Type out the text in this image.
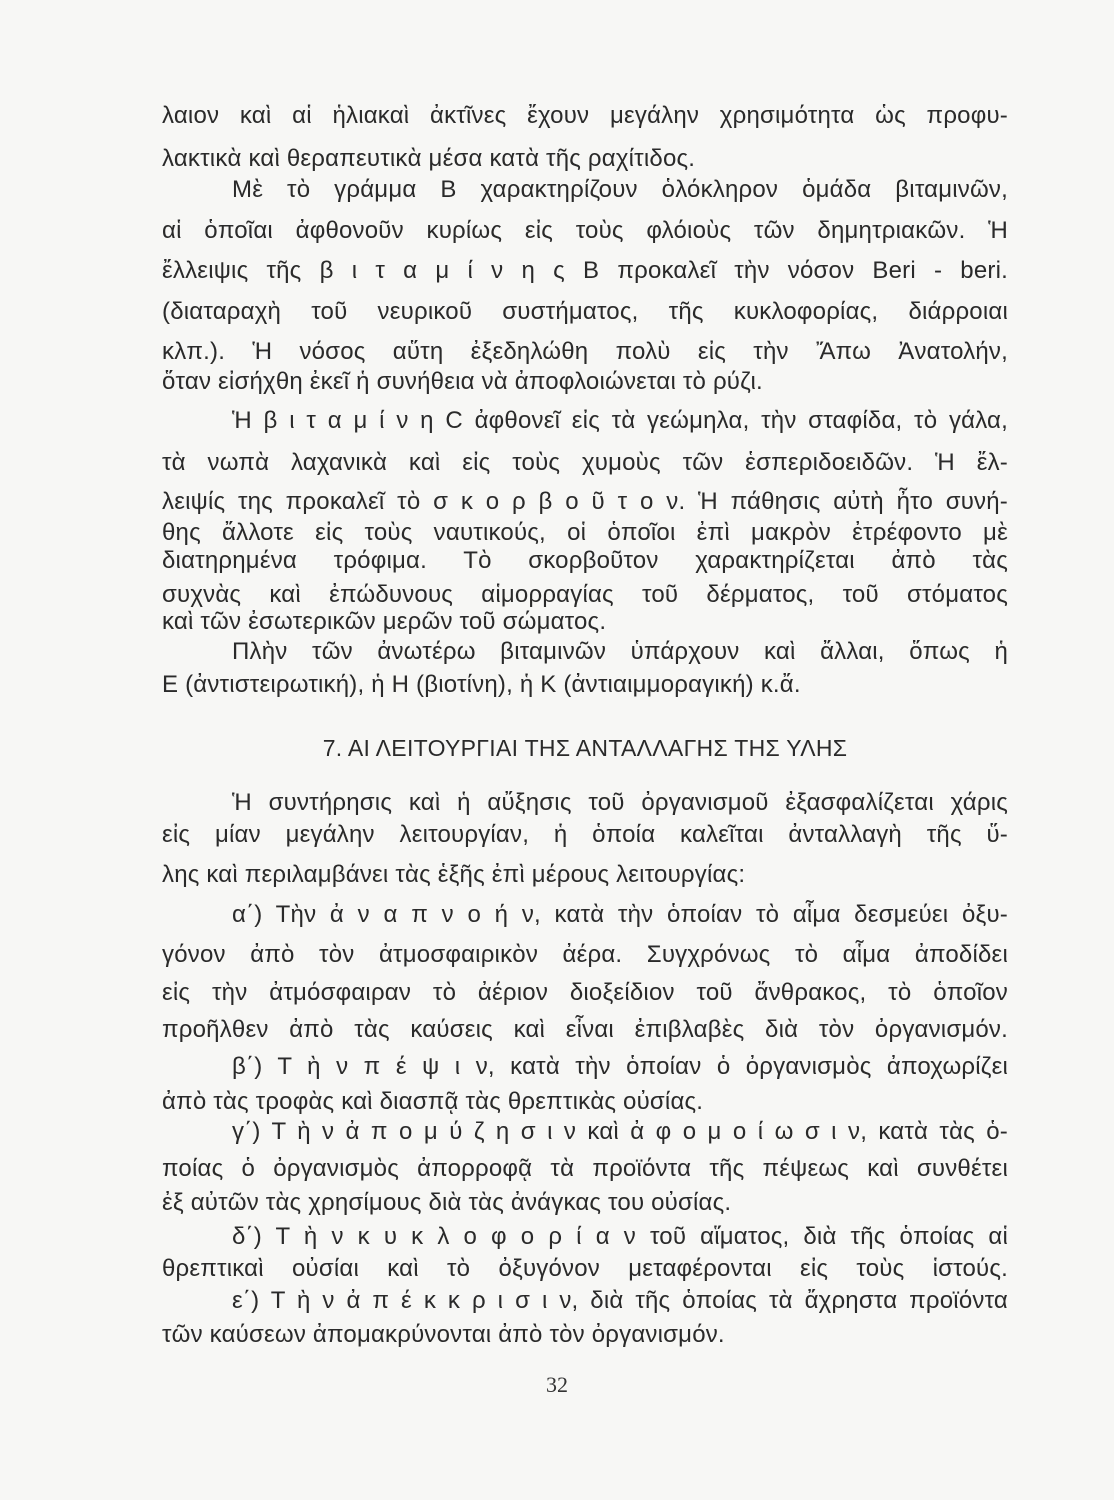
λαιον καὶ αἱ ἡλιακαὶ ἀκτῖνες ἔχουν μεγάλην χρησιμότητα ὡς προφυ-
λακτικὰ καὶ θεραπευτικὰ μέσα κατὰ τῆς ραχίτιδος.
Μὲ τὸ γράμμα Β χαρακτηρίζουν ὁλόκληρον ὁμάδα βιταμινῶν,
αἱ ὁποῖαι ἀφθονοῦν κυρίως εἰς τοὺς φλόιοὺς τῶν δημητριακῶν. Ἡ
ἔλλειψις τῆς β ι τ α μ ί ν η ς Β προκαλεῖ τὴν νόσον Beri - beri.
(διαταραχὴ τοῦ νευρικοῦ συστήματος, τῆς κυκλοφορίας, διάρροιαι
κλπ.). Ἡ νόσος αὕτη ἐξεδηλώθη πολὺ εἰς τὴν Ἄπω Ἀνατολήν,
ὅταν εἰσήχθη ἐκεῖ ἡ συνήθεια νὰ ἀποφλοιώνεται τὸ ρύζι.
Ἡ β ι τ α μ ί ν η C ἀφθονεῖ εἰς τὰ γεώμηλα, τὴν σταφίδα, τὸ γάλα,
τὰ νωπὰ λαχανικὰ καὶ εἰς τοὺς χυμοὺς τῶν ἑσπεριδοειδῶν. Ἡ ἔλ-
λειψίς της προκαλεῖ τὸ σ κ ο ρ β ο ῦ τ ο ν. Ἡ πάθησις αὐτὴ ἦτο συνή-
θης ἄλλοτε εἰς τοὺς ναυτικούς, οἱ ὁποῖοι ἐπὶ μακρὸν ἐτρέφοντο μὲ
διατηρημένα τρόφιμα. Τὸ σκορβοῦτον χαρακτηρίζεται ἀπὸ τὰς
συχνὰς καὶ ἐπώδυνους αἱμορραγίας τοῦ δέρματος, τοῦ στόματος
καὶ τῶν ἐσωτερικῶν μερῶν τοῦ σώματος.
Πλὴν τῶν ἀνωτέρω βιταμινῶν ὑπάρχουν καὶ ἄλλαι, ὅπως ἡ
Ε (ἀντιστειρωτική), ἡ Η (βιοτίνη), ἡ Κ (ἀντιαιμμοραγική) κ.ἄ.
7. ΑΙ ΛΕΙΤΟΥΡΓΙΑΙ ΤΗΣ ΑΝΤΑΛΛΑΓΗΣ ΤΗΣ ΥΛΗΣ
Ἡ συντήρησις καὶ ἡ αὔξησις τοῦ ὀργανισμοῦ ἐξασφαλίζεται χάρις
εἰς μίαν μεγάλην λειτουργίαν, ἡ ὁποία καλεῖται ἀνταλλαγὴ τῆς ὕ-
λης καὶ περιλαμβάνει τὰς ἑξῆς ἐπὶ μέρους λειτουργίας:
α΄) Τὴν ἀ ν α π ν ο ή ν, κατὰ τὴν ὁποίαν τὸ αἷμα δεσμεύει ὀξυ-
γόνον ἀπὸ τὸν ἀτμοσφαιρικὸν ἀέρα. Συγχρόνως τὸ αἷμα ἀποδίδει
εἰς τὴν ἀτμόσφαιραν τὸ ἀέριον διοξείδιον τοῦ ἄνθρακος, τὸ ὁποῖον
προῆλθεν ἀπὸ τὰς καύσεις καὶ εἶναι ἐπιβλαβὲς διὰ τὸν ὀργανισμόν.
β΄) Τ ὴ ν π έ ψ ι ν, κατὰ τὴν ὁποίαν ὁ ὀργανισμὸς ἀποχωρίζει
ἀπὸ τὰς τροφὰς καὶ διασπᾷ τὰς θρεπτικὰς οὐσίας.
γ΄) Τ ὴ ν ἀ π ο μ ύ ζ η σ ι ν καὶ ἀ φ ο μ ο ί ω σ ι ν, κατὰ τὰς ὁ-
ποίας ὁ ὀργανισμὸς ἀπορροφᾷ τὰ προϊόντα τῆς πέψεως καὶ συνθέτει
ἐξ αὐτῶν τὰς χρησίμους διὰ τὰς ἀνάγκας του οὐσίας.
δ΄) Τ ὴ ν κ υ κ λ ο φ ο ρ ί α ν τοῦ αἵματος, διὰ τῆς ὁποίας αἱ
θρεπτικαὶ οὐσίαι καὶ τὸ ὀξυγόνον μεταφέρονται εἰς τοὺς ἱστούς.
ε΄) Τ ὴ ν ἀ π έ κ κ ρ ι σ ι ν, διὰ τῆς ὁποίας τὰ ἄχρηστα προϊόντα
τῶν καύσεων ἀπομακρύνονται ἀπὸ τὸν ὀργανισμόν.
32
